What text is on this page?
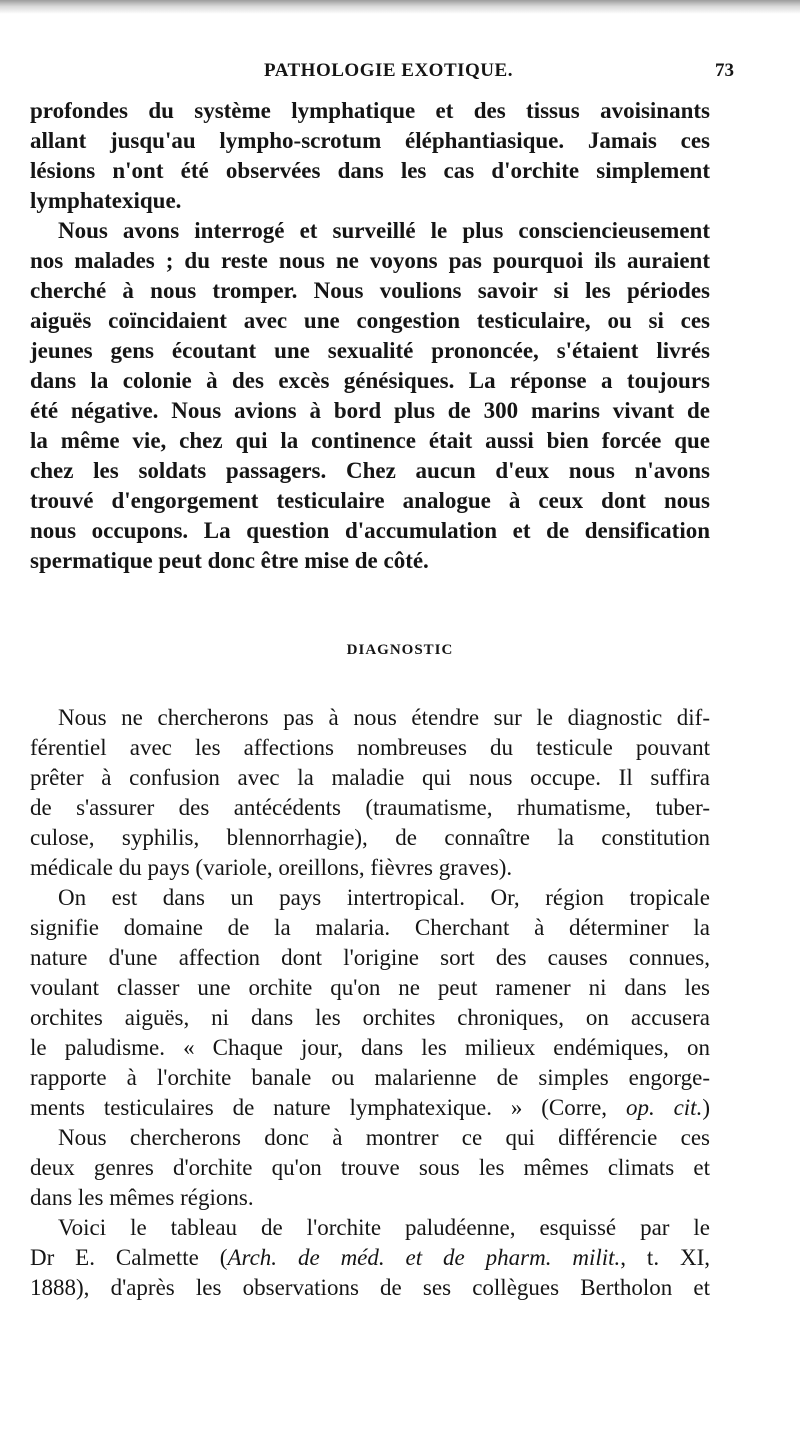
PATHOLOGIE EXOTIQUE.	73
profondes du système lymphatique et des tissus avoisinants
allant jusqu'au lympho-scrotum éléphantiasique. Jamais ces
lésions n'ont été observées dans les cas d'orchite simplement
lymphatexique.
Nous avons interrogé et surveillé le plus consciencieusement
nos malades ; du reste nous ne voyons pas pourquoi ils auraient
cherché à nous tromper. Nous voulions savoir si les périodes
aiguës coïncidaient avec une congestion testiculaire, ou si ces
jeunes gens écoutant une sexualité prononcée, s'étaient livrés
dans la colonie à des excès génésiques. La réponse a toujours
été négative. Nous avions à bord plus de 300 marins vivant de
la même vie, chez qui la continence était aussi bien forcée que
chez les soldats passagers. Chez aucun d'eux nous n'avons
trouvé d'engorgement testiculaire analogue à ceux dont nous
nous occupons. La question d'accumulation et de densification
spermatique peut donc être mise de côté.
DIAGNOSTIC
Nous ne chercherons pas à nous étendre sur le diagnostic dif-
férentiel avec les affections nombreuses du testicule pouvant
prêter à confusion avec la maladie qui nous occupe. Il suffira
de s'assurer des antécédents (traumatisme, rhumatisme, tuber-
culose, syphilis, blennorrhagie), de connaître la constitution
médicale du pays (variole, oreillons, fièvres graves).
On est dans un pays intertropical. Or, région tropicale
signifie domaine de la malaria. Cherchant à déterminer la
nature d'une affection dont l'origine sort des causes connues,
voulant classer une orchite qu'on ne peut ramener ni dans les
orchites aiguës, ni dans les orchites chroniques, on accusera
le paludisme. « Chaque jour, dans les milieux endémiques, on
rapporte à l'orchite banale ou malarienne de simples engorge-
ments testiculaires de nature lymphatexique. » (Corre, op. cit.)
Nous chercherons donc à montrer ce qui différencie ces
deux genres d'orchite qu'on trouve sous les mêmes climats et
dans les mêmes régions.
Voici le tableau de l'orchite paludéenne, esquissé par le
Dr E. Calmette (Arch. de méd. et de pharm. milit., t. XI,
1888), d'après les observations de ses collègues Bertholon et
